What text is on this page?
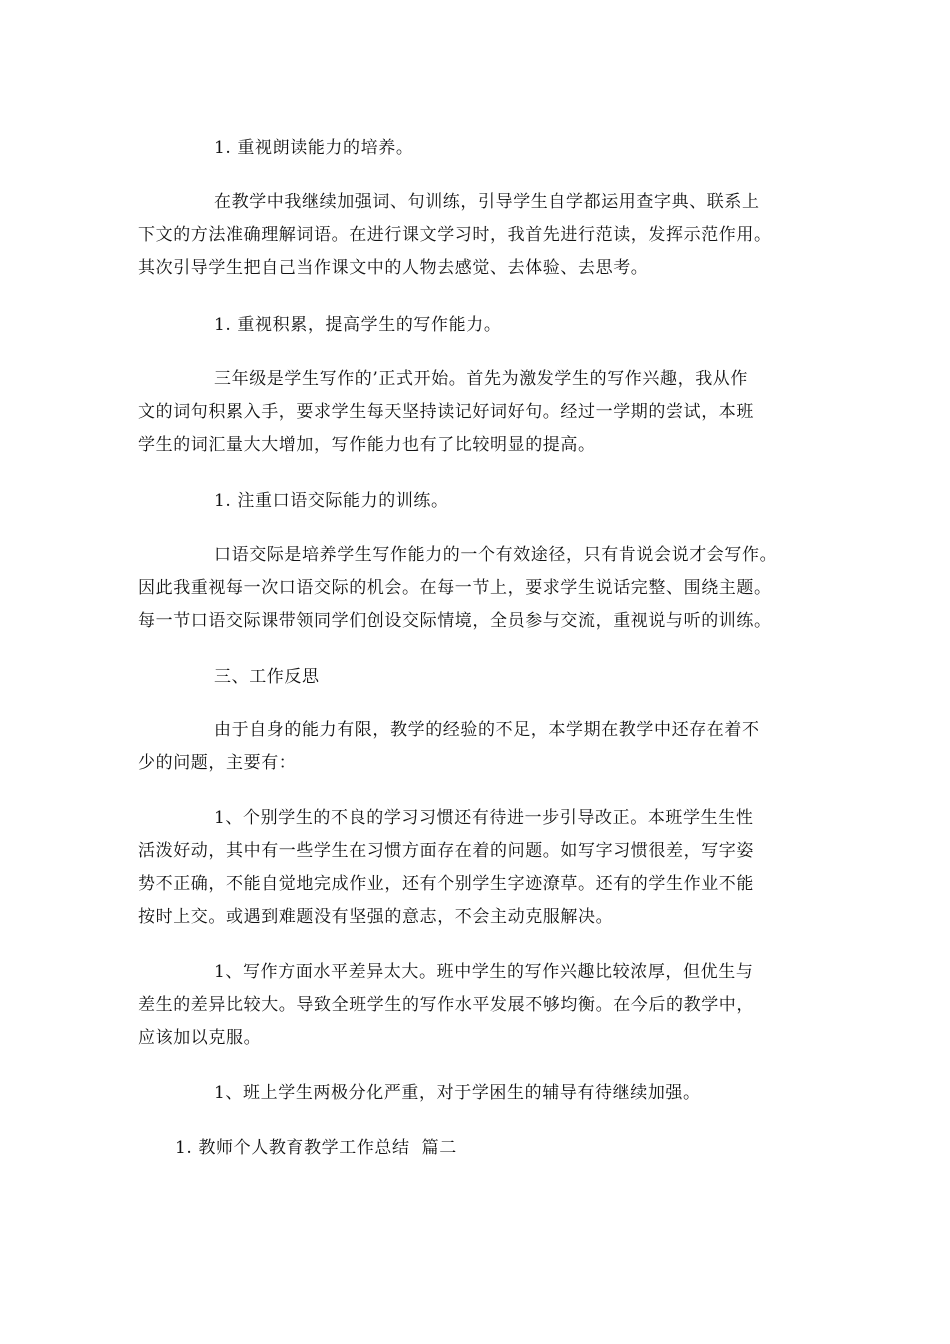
1. 重视朗读能力的培养。

在教学中我继续加强词、句训练，引导学生自学都运用查字典、联系上
下文的方法准确理解词语。在进行课文学习时，我首先进行范读，发挥示范作用。
其次引导学生把自己当作课文中的人物去感觉、去体验、去思考。

1. 重视积累，提高学生的写作能力。

三年级是学生写作的’正式开始。首先为激发学生的写作兴趣，我从作
文的词句积累入手，要求学生每天坚持读记好词好句。经过一学期的尝试，本班
学生的词汇量大大增加，写作能力也有了比较明显的提高。

1. 注重口语交际能力的训练。

口语交际是培养学生写作能力的一个有效途径，只有肯说会说才会写作。
因此我重视每一次口语交际的机会。在每一节上，要求学生说话完整、围绕主题。
每一节口语交际课带领同学们创设交际情境，全员参与交流，重视说与听的训练。

三、工作反思

由于自身的能力有限，教学的经验的不足，本学期在教学中还存在着不
少的问题，主要有：
1、个别学生的不良的学习习惯还有待进一步引导改正。本班学生生性
活泼好动，其中有一些学生在习惯方面存在着的问题。如写字习惯很差，写字姿
势不正确，不能自觉地完成作业，还有个别学生字迹潦草。还有的学生作业不能
按时上交。或遇到难题没有坚强的意志，不会主动克服解决。
1、写作方面水平差异太大。班中学生的写作兴趣比较浓厚，但优生与
差生的差异比较大。导致全班学生的写作水平发展不够均衡。在今后的教学中，
应该加以克服。

1、班上学生两极分化严重，对于学困生的辅导有待继续加强。

1. 教师个人教育教学工作总结  篇二
